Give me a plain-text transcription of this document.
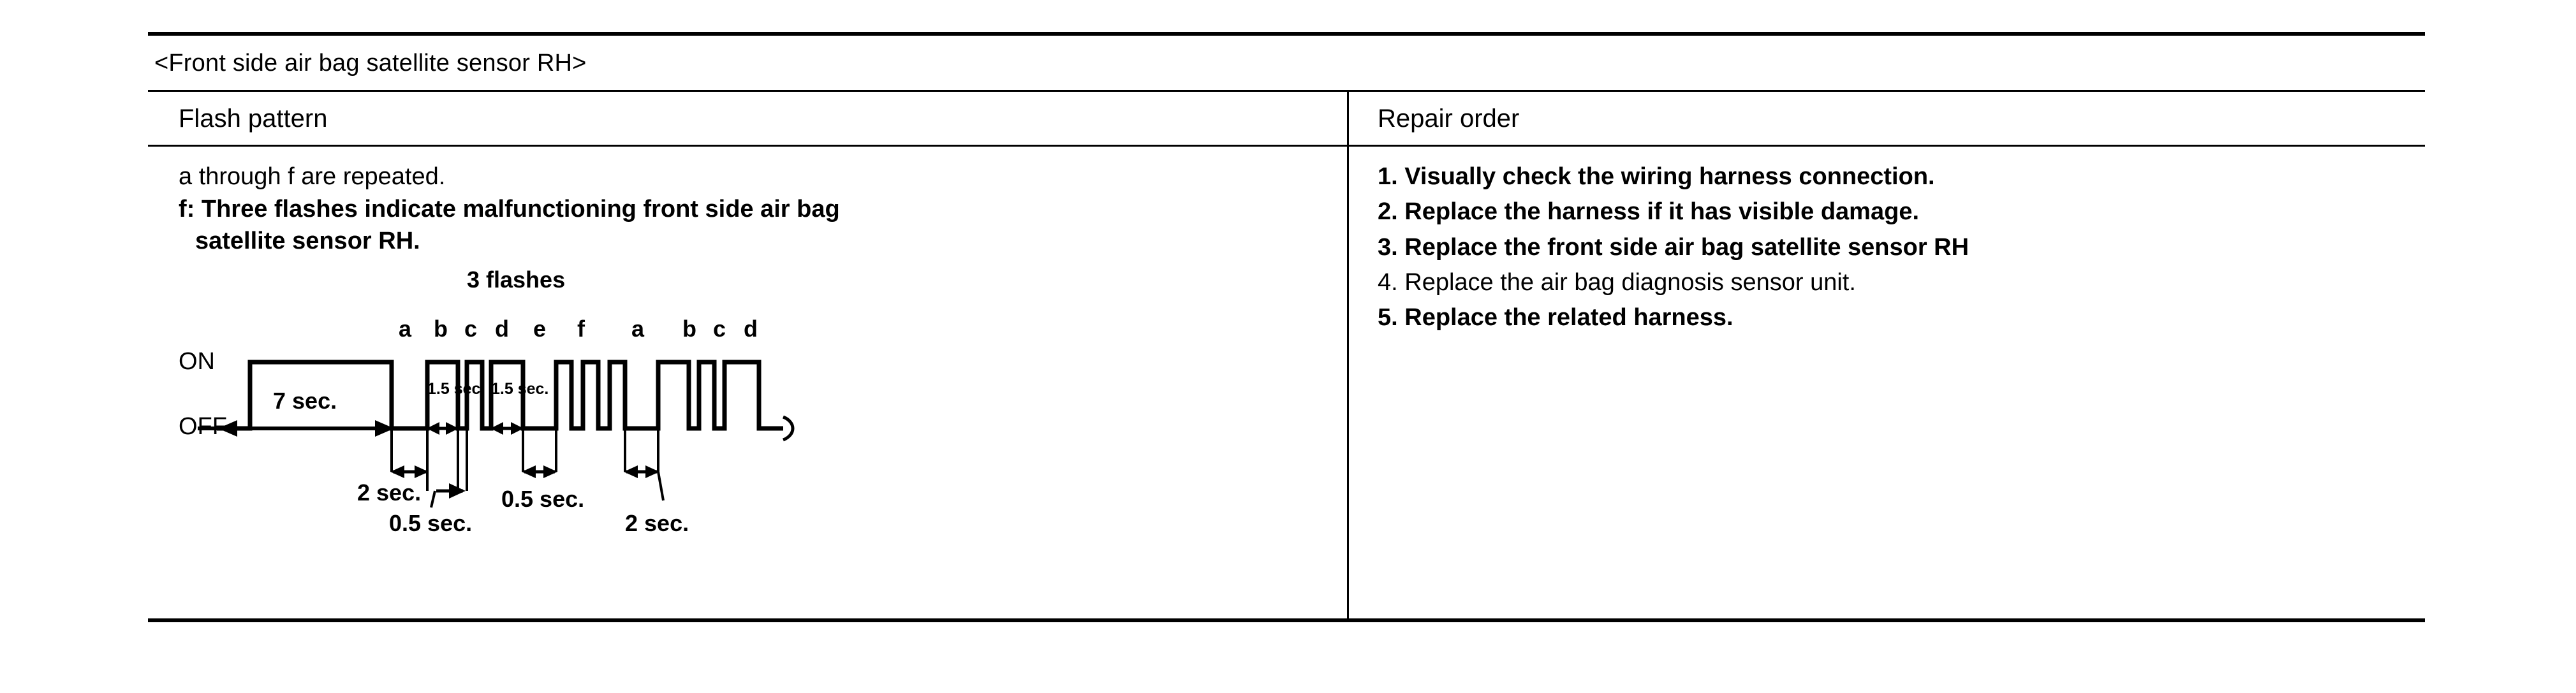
<Front side air bag satellite sensor RH>
Flash pattern	Repair order
a through f are repeated.
f: Three flashes indicate malfunctioning front side air bag
satellite sensor RH.
ON
OFF
3 flashes
a b c d e f a b c d
7 sec.	1.5 sec. 1.5 sec.
2 sec.
0.5 sec.
0.5 sec.
2 sec.
1. Visually check the wiring harness connection.
2. Replace the harness if it has visible damage.
3. Replace the front side air bag satellite sensor RH
4. Replace the air bag diagnosis sensor unit.
5. Replace the related harness.
